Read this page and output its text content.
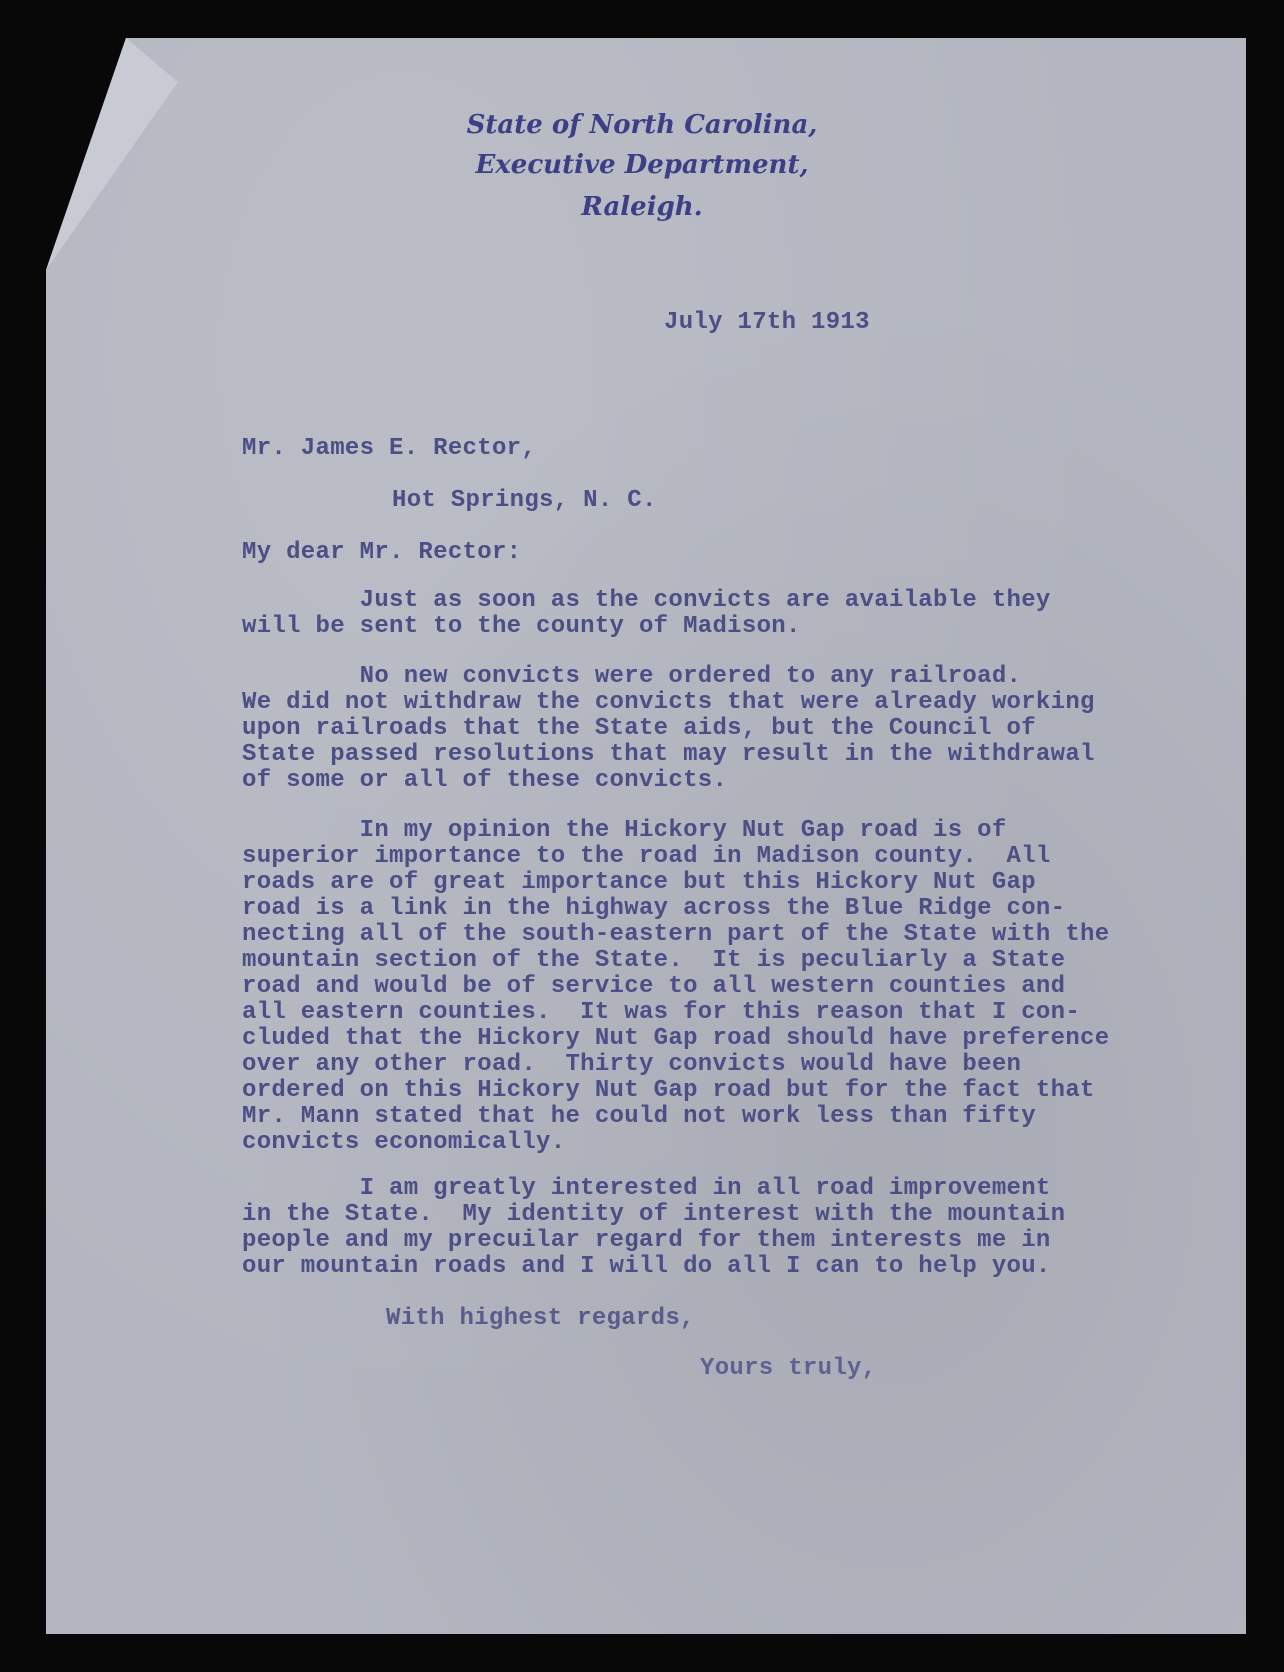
State of North Carolina,
Executive Department,
Raleigh.
July 17th 1913
Mr. James E. Rector,
Hot Springs, N. C.
My dear Mr. Rector:
Just as soon as the convicts are available they
will be sent to the county of Madison.
No new convicts were ordered to any railroad.
We did not withdraw the convicts that were already working
upon railroads that the State aids, but the Council of
State passed resolutions that may result in the withdrawal
of some or all of these convicts.
In my opinion the Hickory Nut Gap road is of
superior importance to the road in Madison county.  All
roads are of great importance but this Hickory Nut Gap
road is a link in the highway across the Blue Ridge con-
necting all of the south-eastern part of the State with the
mountain section of the State.  It is peculiarly a State
road and would be of service to all western counties and
all eastern counties.  It was for this reason that I con-
cluded that the Hickory Nut Gap road should have preference
over any other road.  Thirty convicts would have been
ordered on this Hickory Nut Gap road but for the fact that
Mr. Mann stated that he could not work less than fifty
convicts economically.
I am greatly interested in all road improvement
in the State.  My identity of interest with the mountain
people and my precuilar regard for them interests me in
our mountain roads and I will do all I can to help you.
With highest regards,
Yours truly,
